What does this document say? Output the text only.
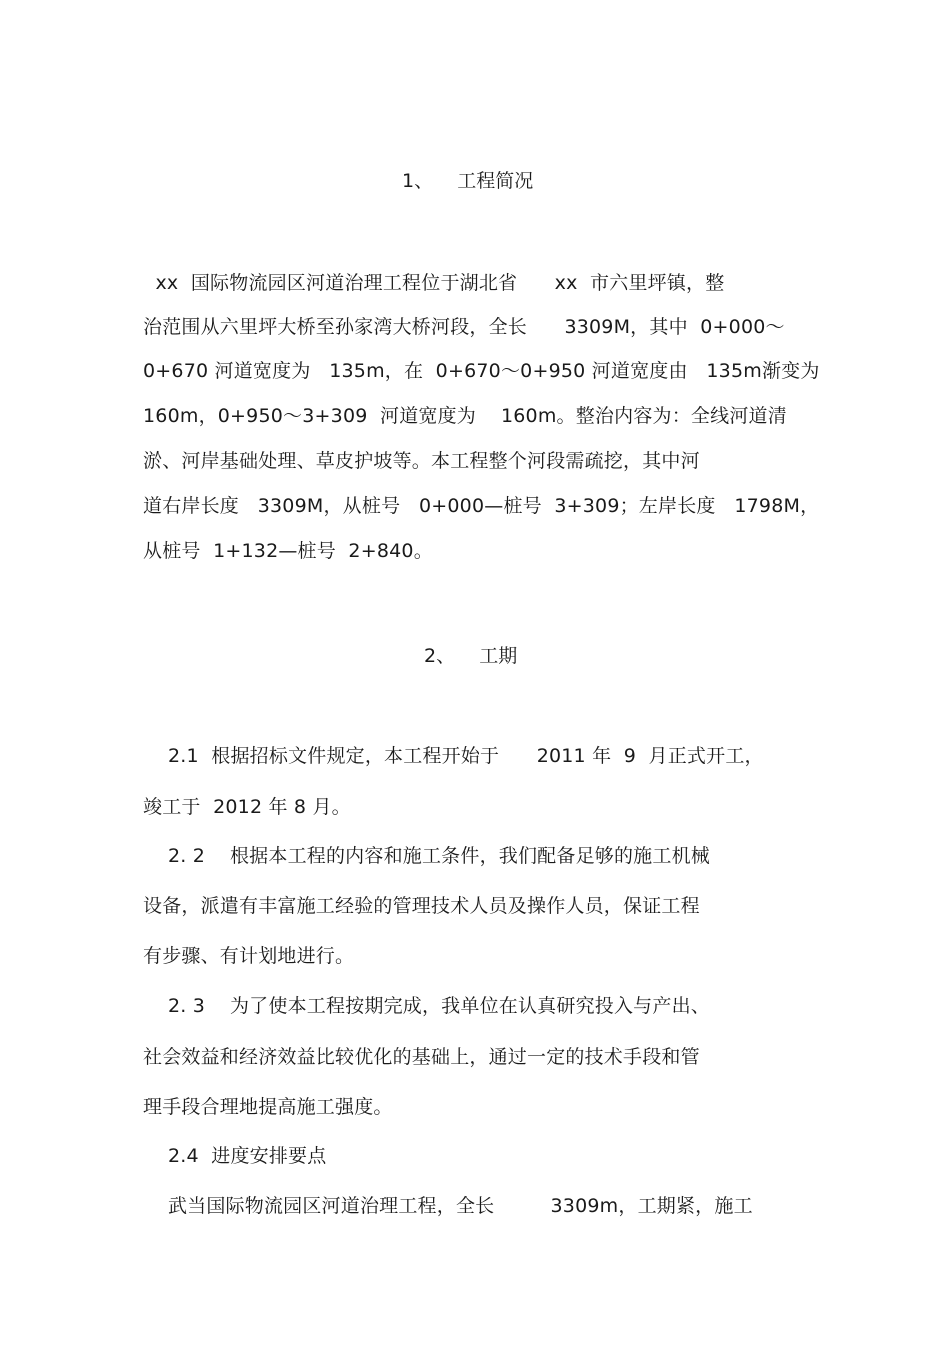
1、    工程简况
xx  国际物流园区河道治理工程位于湖北省      xx  市六里坪镇，整
治范围从六里坪大桥至孙家湾大桥河段，全长      3309M，其中  0+000～
0+670 河道宽度为   135m，在  0+670～0+950 河道宽度由   135m渐变为
160m，0+950～3+309  河道宽度为    160m。整治内容为：全线河道清
淤、河岸基础处理、草皮护坡等。本工程整个河段需疏挖，其中河
道右岸长度   3309M，从桩号   0+000—桩号  3+309；左岸长度   1798M，
从桩号  1+132—桩号  2+840。
2、    工期
2.1  根据招标文件规定，本工程开始于      2011 年  9  月正式开工，
竣工于  2012 年 8 月。
2. 2    根据本工程的内容和施工条件，我们配备足够的施工机械
设备，派遣有丰富施工经验的管理技术人员及操作人员，保证工程
有步骤、有计划地进行。
2. 3    为了使本工程按期完成，我单位在认真研究投入与产出、
社会效益和经济效益比较优化的基础上，通过一定的技术手段和管
理手段合理地提高施工强度。
2.4  进度安排要点
武当国际物流园区河道治理工程，全长         3309m，工期紧，施工
